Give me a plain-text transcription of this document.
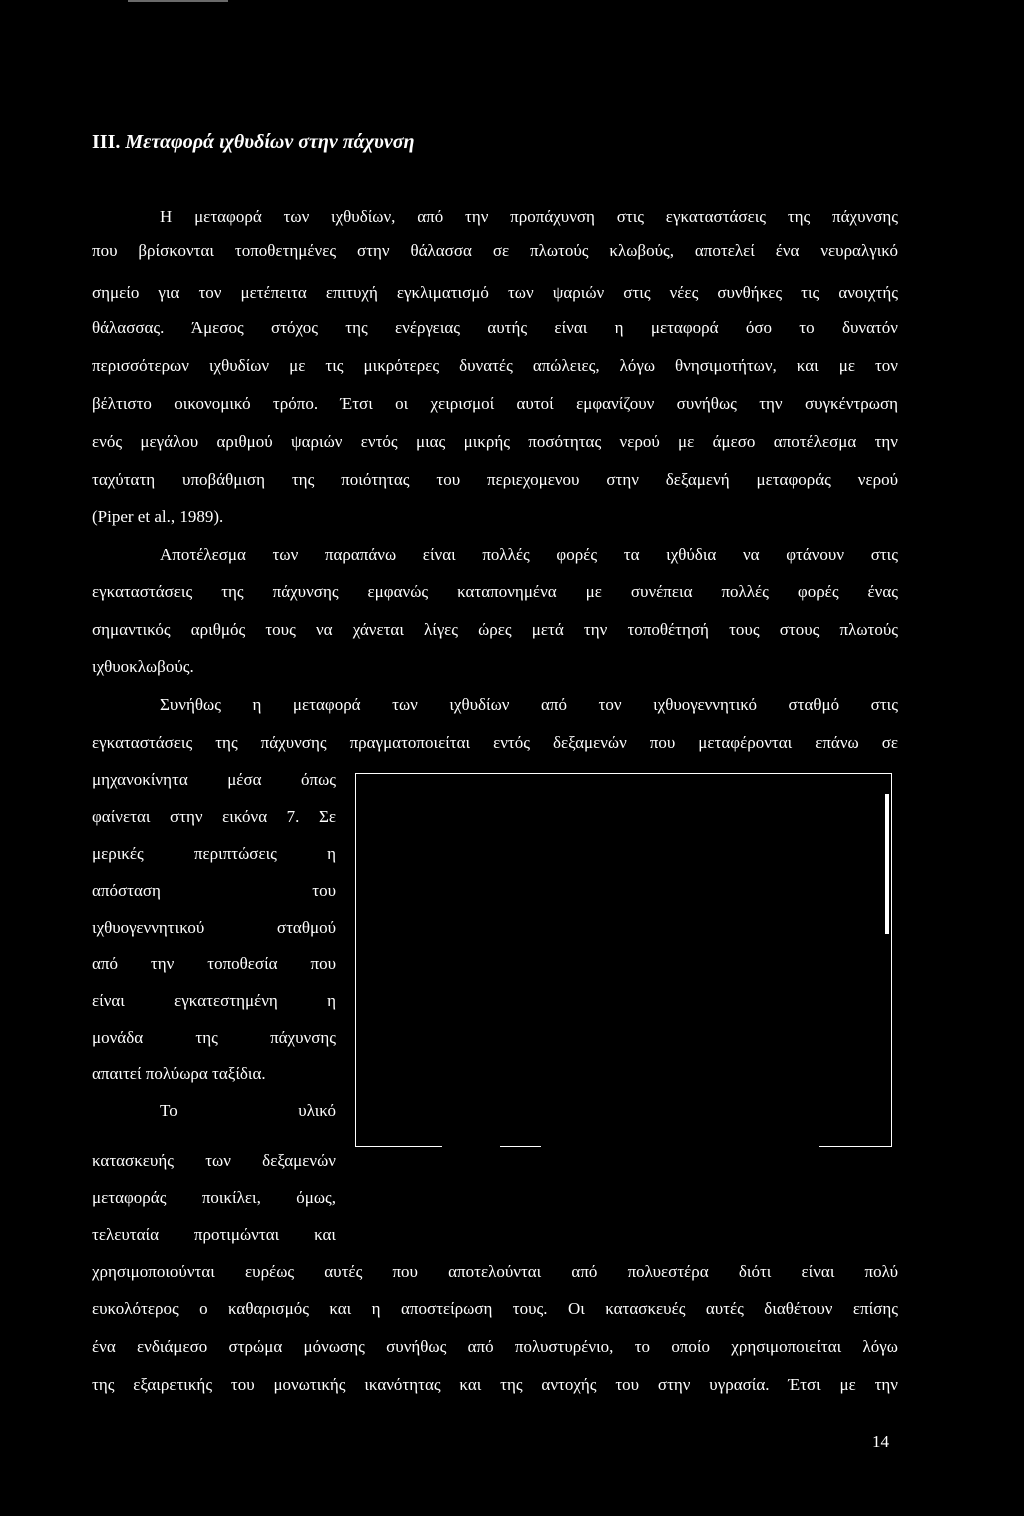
III. Μεταφορά ιχθυδίων στην πάχυνση
Η μεταφορά των ιχθυδίων, από την προπάχυνση στις εγκαταστάσεις της πάχυνσης
που βρίσκονται τοποθετημένες στην θάλασσα σε πλωτούς κλωβούς, αποτελεί ένα νευραλγικό
σημείο για τον μετέπειτα επιτυχή εγκλιματισμό των ψαριών στις νέες συνθήκες τις ανοιχτής
θάλασσας. Άμεσος στόχος της ενέργειας αυτής είναι η μεταφορά όσο το δυνατόν
περισσότερων ιχθυδίων με τις μικρότερες δυνατές απώλειες, λόγω θνησιμοτήτων, και με τον
βέλτιστο οικονομικό τρόπο. Έτσι οι χειρισμοί αυτοί εμφανίζουν συνήθως την συγκέντρωση
ενός μεγάλου αριθμού ψαριών εντός μιας μικρής ποσότητας νερού με άμεσο αποτέλεσμα την
ταχύτατη υποβάθμιση της ποιότητας του περιεχομενου στην δεξαμενή μεταφοράς νερού
(Piper et al., 1989).
Αποτέλεσμα των παραπάνω είναι πολλές φορές τα ιχθύδια να φτάνουν στις
εγκαταστάσεις της πάχυνσης εμφανώς καταπονημένα με συνέπεια πολλές φορές ένας
σημαντικός αριθμός τους να χάνεται λίγες ώρες μετά την τοποθέτησή τους στους πλωτούς
ιχθυοκλωβούς.
Συνήθως η μεταφορά των ιχθυδίων από τον ιχθυογεννητικό σταθμό στις
εγκαταστάσεις της πάχυνσης πραγματοποιείται εντός δεξαμενών που μεταφέρονται επάνω σε
μηχανοκίνητα μέσα όπως
φαίνεται στην εικόνα 7. Σε
μερικές περιπτώσεις η
απόσταση του
ιχθυογεννητικού σταθμού
από την τοποθεσία που
είναι εγκατεστημένη η
μονάδα της πάχυνσης
απαιτεί πολύωρα ταξίδια.
Το υλικό
κατασκευής των δεξαμενών
μεταφοράς ποικίλει, όμως,
τελευταία προτιμώνται και
χρησιμοποιούνται ευρέως αυτές που αποτελούνται από πολυεστέρα διότι είναι πολύ
ευκολότερος ο καθαρισμός και η αποστείρωση τους. Οι κατασκευές αυτές διαθέτουν επίσης
ένα ενδιάμεσο στρώμα μόνωσης συνήθως από πολυστυρένιο, το οποίο χρησιμοποιείται λόγω
της εξαιρετικής του μονωτικής ικανότητας και της αντοχής του στην υγρασία. Έτσι με την
14
